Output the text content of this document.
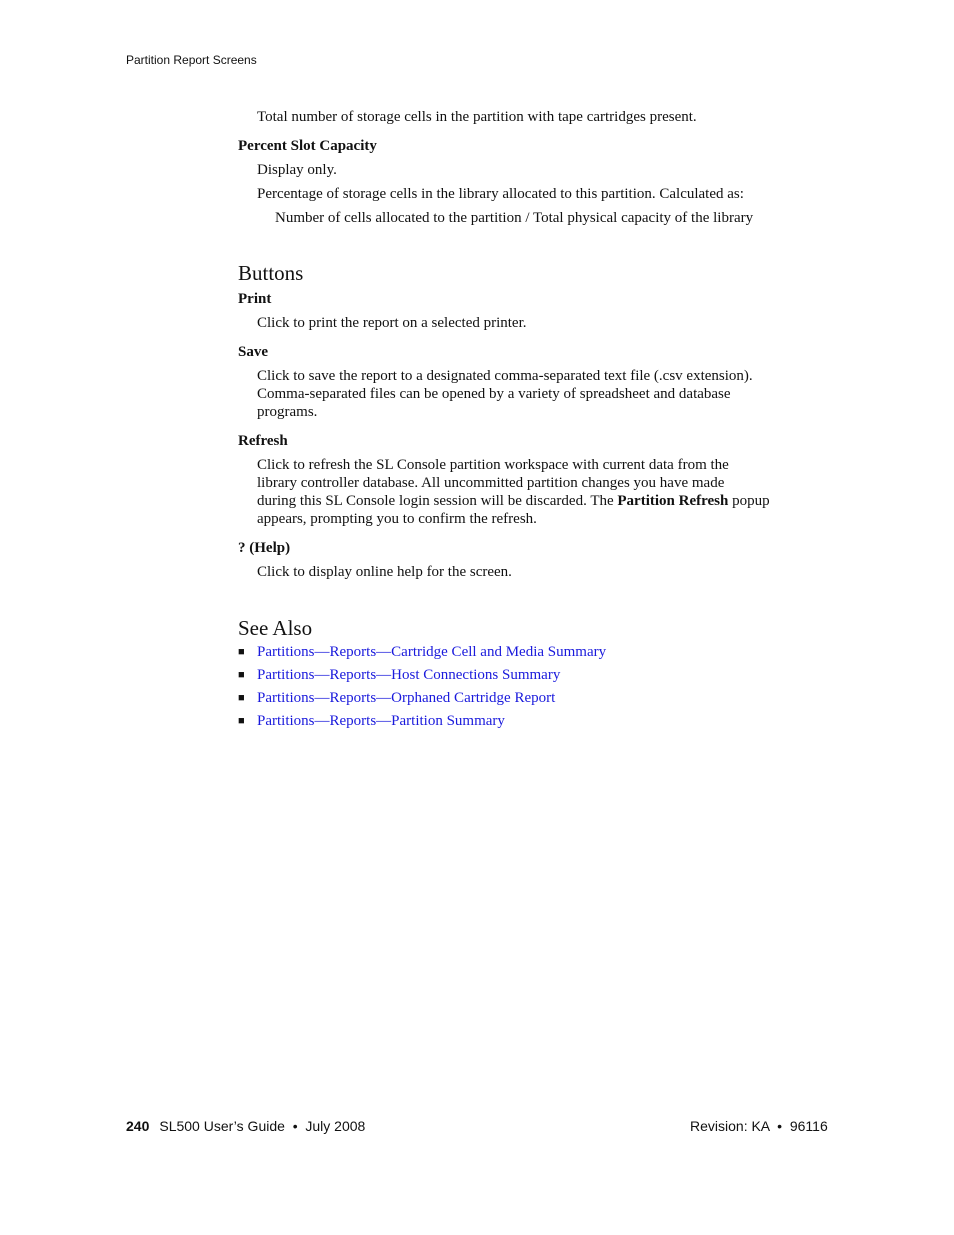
Partition Report Screens

Total number of storage cells in the partition with tape cartridges present.

Percent Slot Capacity

Display only.

Percentage of storage cells in the library allocated to this partition. Calculated as:

Number of cells allocated to the partition / Total physical capacity of the library

Buttons
Print

Click to print the report on a selected printer.

Save
Click to save the report to a designated comma-separated text file (.csv extension).
Comma-separated files can be opened by a variety of spreadsheet and database
programs.
Refresh
Click to refresh the SL Console partition workspace with current data from the
library controller database. All uncommitted partition changes you have made
during this SL Console login session will be discarded. The Partition Refresh popup
appears, prompting you to confirm the refresh.
? (Help)

Click to display online help for the screen.

See Also
■ Partitions—Reports—Cartridge Cell and Media Summary
■ Partitions—Reports—Host Connections Summary
■ Partitions—Reports—Orphaned Cartridge Report
■ Partitions—Reports—Partition Summary
240 SL500 User’s Guide  •  July 2008	Revision: KA  •  96116
